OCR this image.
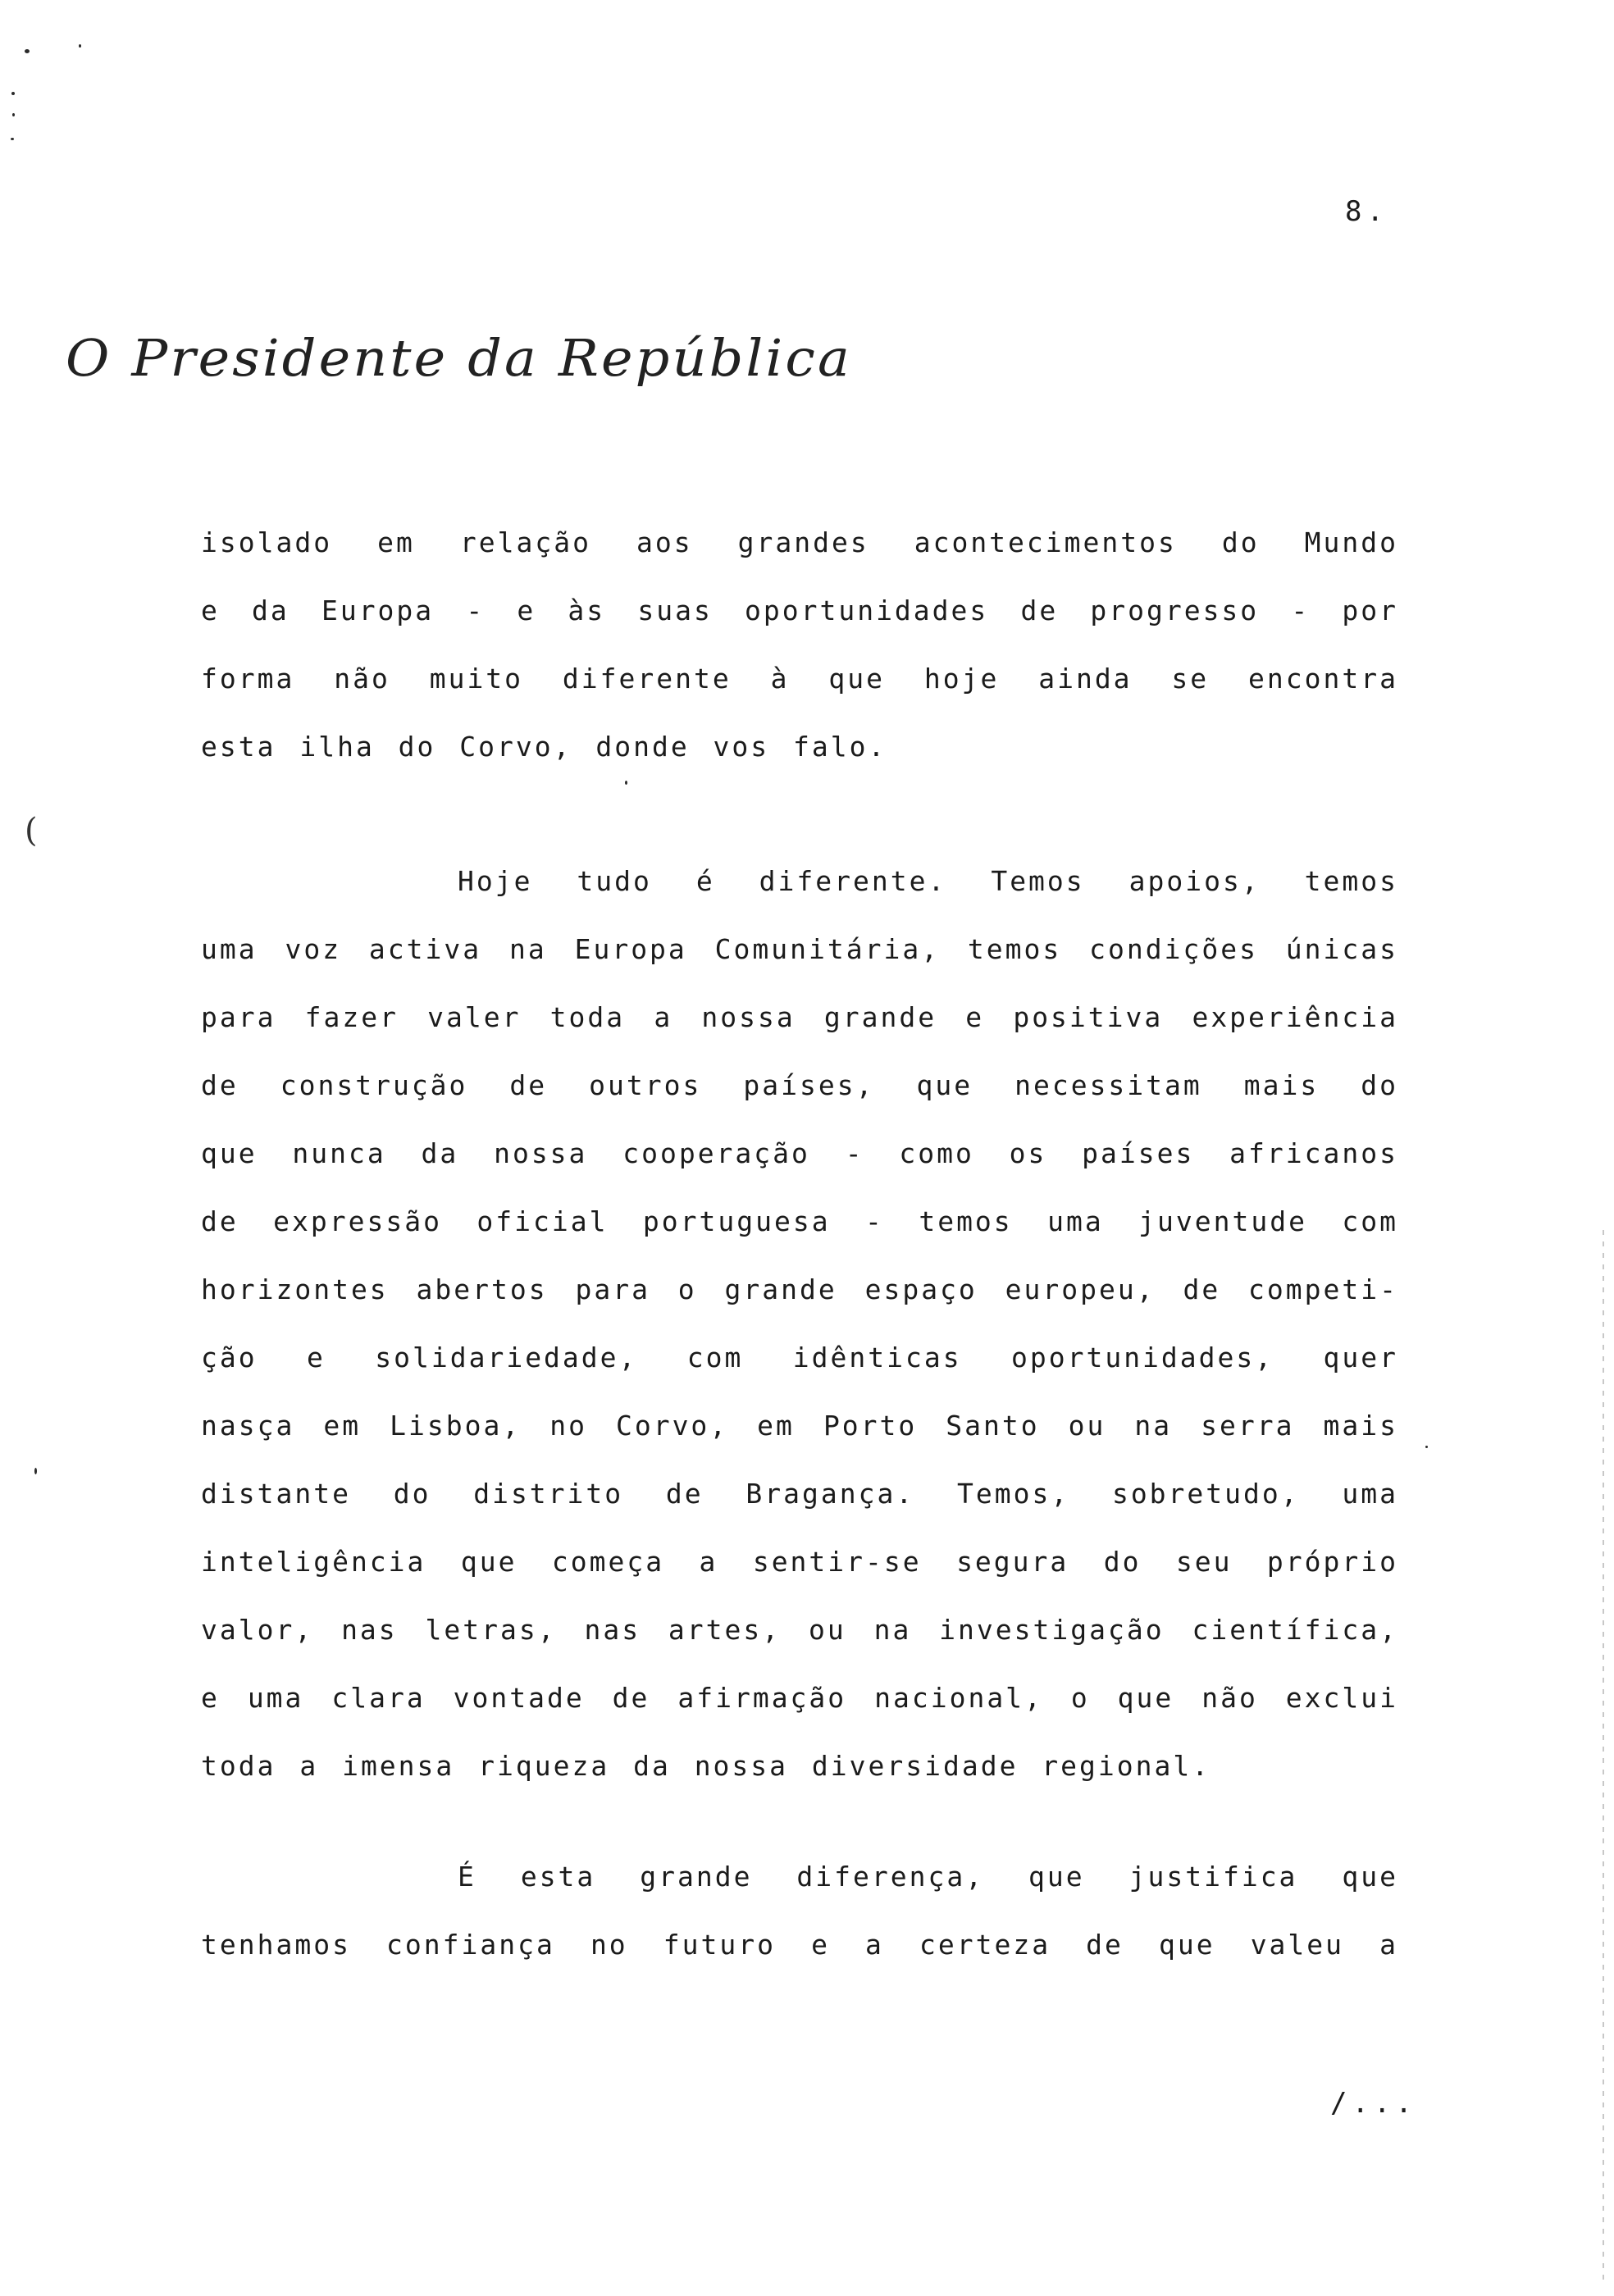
8.
O Presidente da República
(
isolado em relação aos grandes acontecimentos do Mundo
e da Europa - e às suas oportunidades de progresso - por
forma não muito diferente à que hoje ainda se encontra
esta ilha do Corvo, donde vos falo.
Hoje tudo é diferente. Temos apoios, temos
uma voz activa na Europa Comunitária, temos condições únicas
para fazer valer toda a nossa grande e positiva experiência
de construção de outros países, que necessitam mais do
que nunca da nossa cooperação - como os países africanos
de expressão oficial portuguesa - temos uma juventude com
horizontes abertos para o grande espaço europeu, de competi-
ção e solidariedade, com idênticas oportunidades, quer
nasça em Lisboa, no Corvo, em Porto Santo ou na serra mais
distante do distrito de Bragança. Temos, sobretudo, uma
inteligência que começa a sentir-se segura do seu próprio
valor, nas letras, nas artes, ou na investigação científica,
e uma clara vontade de afirmação nacional, o que não exclui
toda a imensa riqueza da nossa diversidade regional.
É esta grande diferença, que justifica que
tenhamos confiança no futuro e a certeza de que valeu a
/...
